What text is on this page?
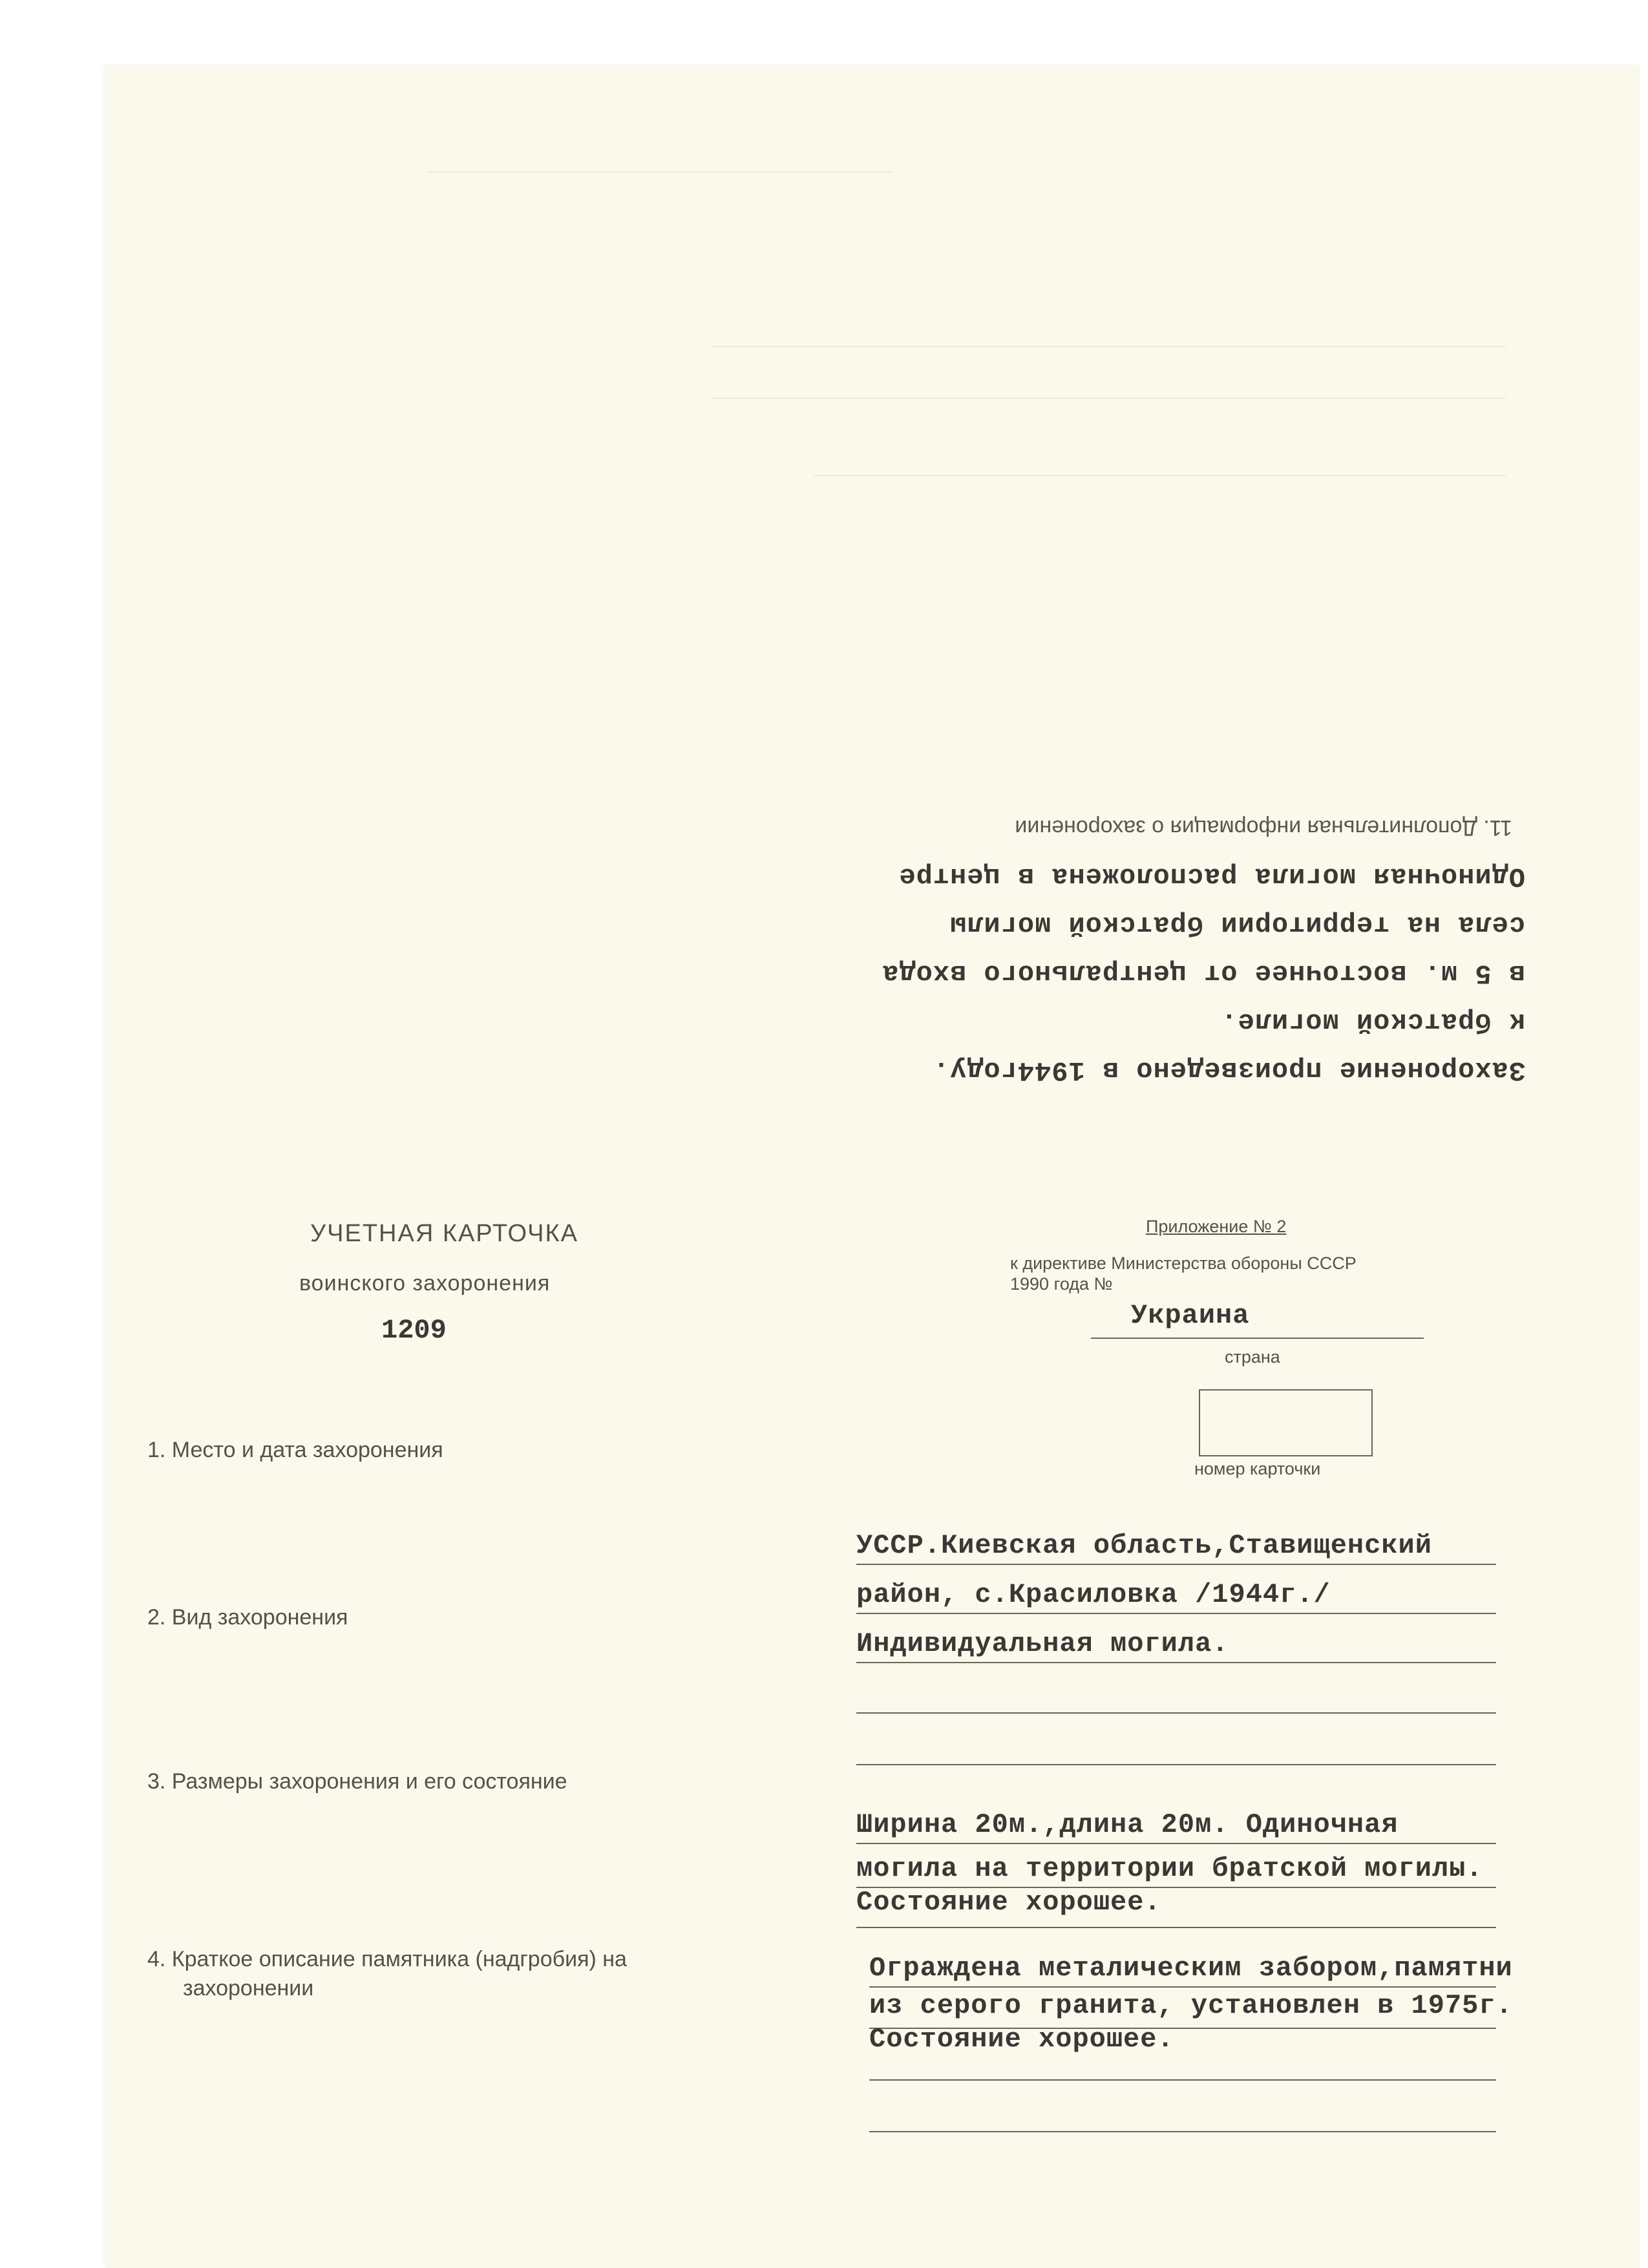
11. Дополнительная информация о захоронении
Одиночная могила расположена в центре
села на территории братской могилы
в 5 м. восточнее от центрального входа
к братской могиле.
Захоронение произведено в 1944году.
УЧЕТНАЯ КАРТОЧКА
воинского захоронения
1209
Приложение № 2
к директиве Министерства обороны СССР
1990 года №
Украина
страна
номер карточки
1. Место и дата захоронения
2. Вид захоронения
3. Размеры захоронения и его состояние
4. Краткое описание памятника (надгробия) на
захоронении
УССР.Киевская область,Ставищенский
район, с.Красиловка /1944г./
Индивидуальная могила.
Ширина 20м.,длина 20м. Одиночная
могила на территории братской могилы.
Состояние хорошее.
Ограждена металическим забором,памятни
из серого гранита, установлен в 1975г.
Состояние хорошее.
